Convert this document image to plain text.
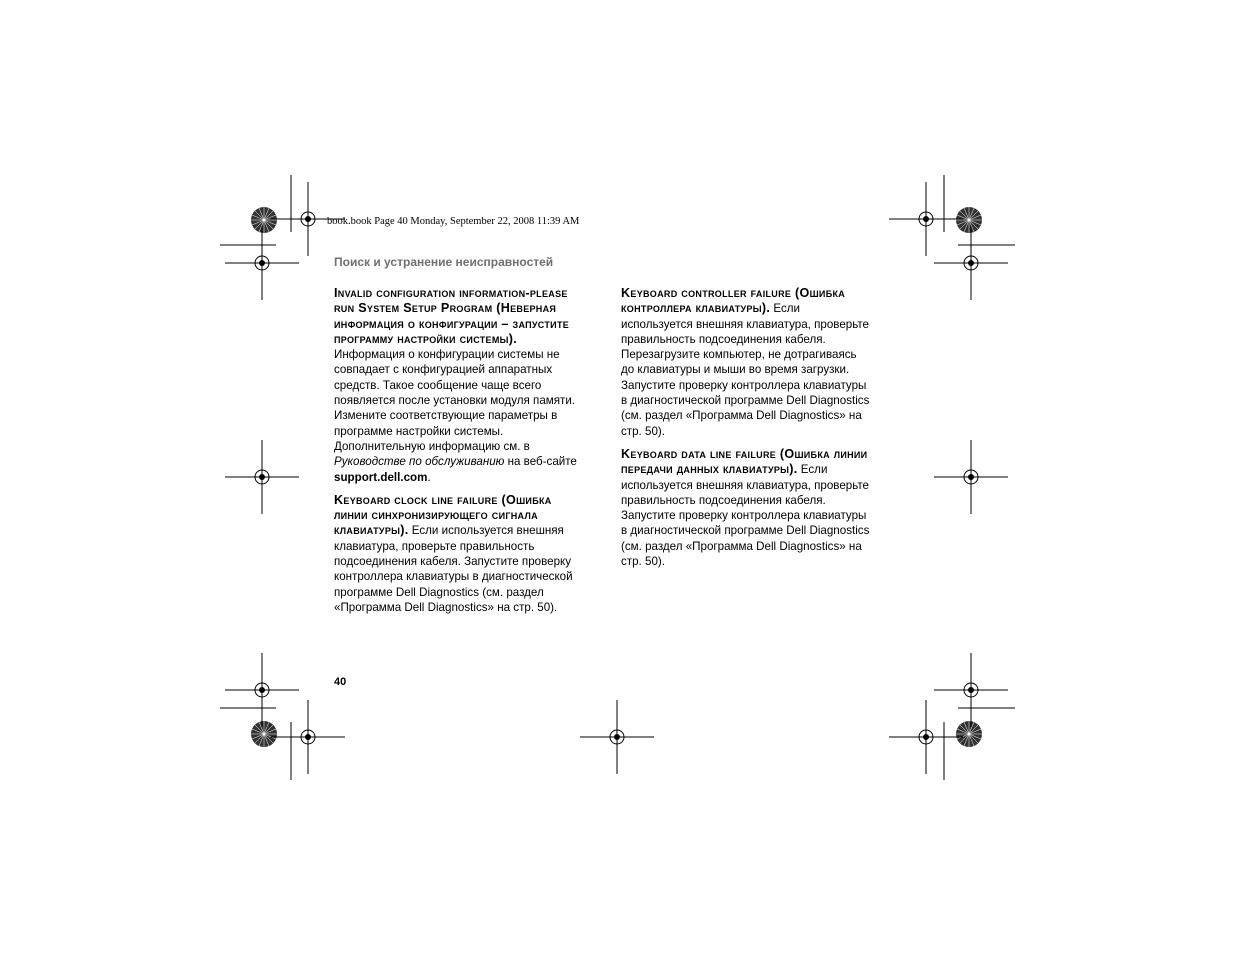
book.book Page 40 Monday, September 22, 2008 11:39 AM
Поиск и устранение неисправностей

Invalid configuration information-please run System Setup Program (Неверная информация о конфигурации – запустите программу настройки системы). Информация о конфигурации системы не совпадает с конфигурацией аппаратных средств. Такое сообщение чаще всего появляется после установки модуля памяти. Измените соответствующие параметры в программе настройки системы. Дополнительную информацию см. в Руководстве по обслуживанию на веб-сайте support.dell.com.

Keyboard clock line failure (Ошибка линии синхронизирующего сигнала клавиатуры). Если используется внешняя клавиатура, проверьте правильность подсоединения кабеля. Запустите проверку контроллера клавиатуры в диагностической программе Dell Diagnostics (см. раздел «Программа Dell Diagnostics» на стр. 50).

Keyboard controller failure (Ошибка контроллера клавиатуры). Если используется внешняя клавиатура, проверьте правильность подсоединения кабеля. Перезагрузите компьютер, не дотрагиваясь до клавиатуры и мыши во время загрузки. Запустите проверку контроллера клавиатуры в диагностической программе Dell Diagnostics (см. раздел «Программа Dell Diagnostics» на стр. 50).

Keyboard data line failure (Ошибка линии передачи данных клавиатуры). Если используется внешняя клавиатура, проверьте правильность подсоединения кабеля. Запустите проверку контроллера клавиатуры в диагностической программе Dell Diagnostics (см. раздел «Программа Dell Diagnostics» на стр. 50).

40
